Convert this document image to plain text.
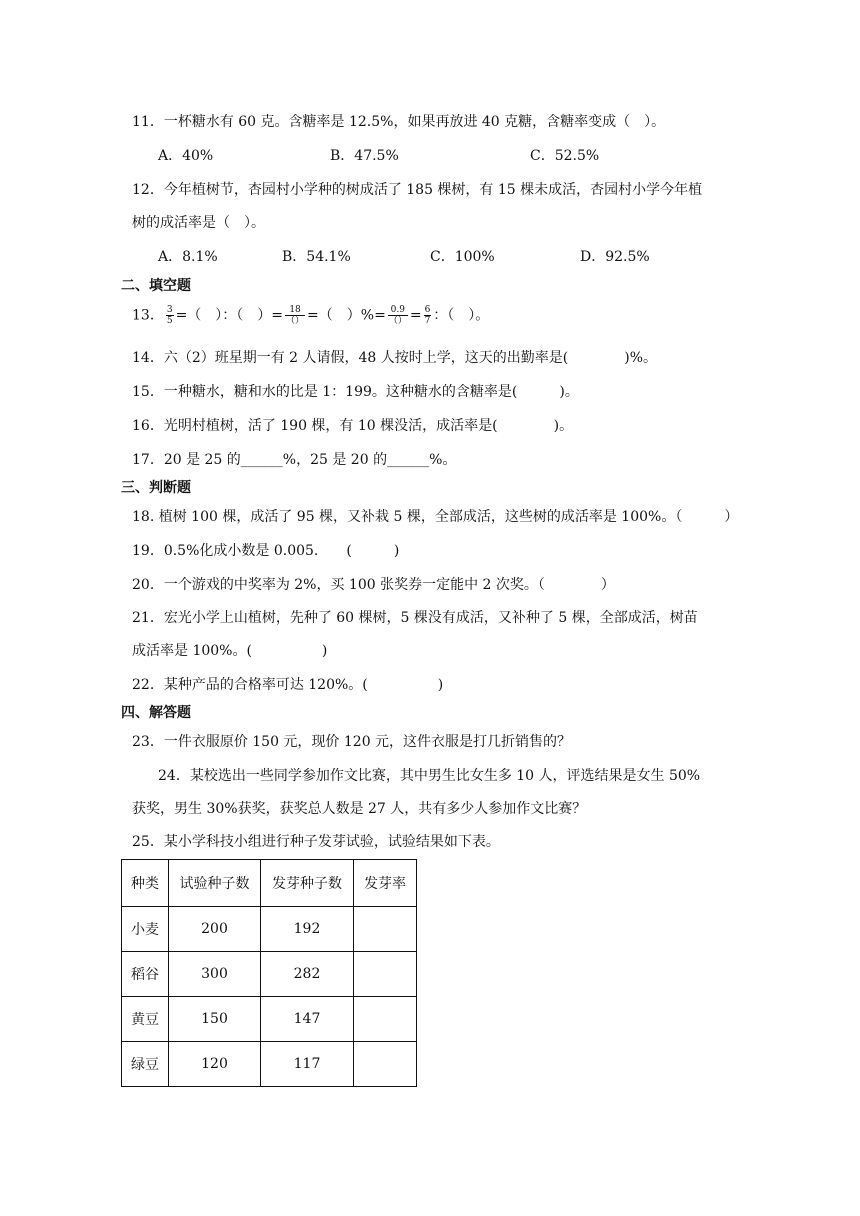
11．一杯糖水有 60 克。含糖率是 12.5%，如果再放进 40 克糖，含糖率变成（　）。
A．40%	B．47.5%	C．52.5%
12．今年植树节，杏园村小学种的树成活了 185 棵树，有 15 棵未成活，杏园村小学今年植
树的成活率是（　）。
A．8.1%	B．54.1%	C．100%	D．92.5%
二、填空题
13． $\frac{3}{5}$ =（　）：（　）= $\frac{18}{()}$ =（　）%= $\frac{0.9}{()} = \frac{6}{7}$ ：（　）。
14．六（2）班星期一有 2 人请假，48 人按时上学，这天的出勤率是(　　　　)%。
15．一种糖水，糖和水的比是 1：199。这种糖水的含糖率是(　　　)。
16．光明村植树，活了 190 棵，有 10 棵没活，成活率是(　　　　)。
17．20 是 25 的______%，25 是 20 的______%。
三、判断题
18. 植树 100 棵，成活了 95 棵，又补栽 5 棵，全部成活，这些树的成活率是 100%。（　　　）
19．0.5%化成小数是 0.005.　　(　　　)
20．一个游戏的中奖率为 2%，买 100 张奖券一定能中 2 次奖。（　　　　）
21．宏光小学上山植树，先种了 60 棵树，5 棵没有成活，又补种了 5 棵，全部成活，树苗
成活率是 100%。(　　　　　)
22．某种产品的合格率可达 120%。(　　　　　)
四、解答题
23．一件衣服原价 150 元，现价 120 元，这件衣服是打几折销售的？
24．某校选出一些同学参加作文比赛，其中男生比女生多 10 人，评选结果是女生 50%
获奖，男生 30%获奖，获奖总人数是 27 人，共有多少人参加作文比赛？
25．某小学科技小组进行种子发芽试验，试验结果如下表。
种类	试验种子数	发芽种子数	发芽率
小麦	200	192	
稻谷	300	282	
黄豆	150	147	
绿豆	120	117	
